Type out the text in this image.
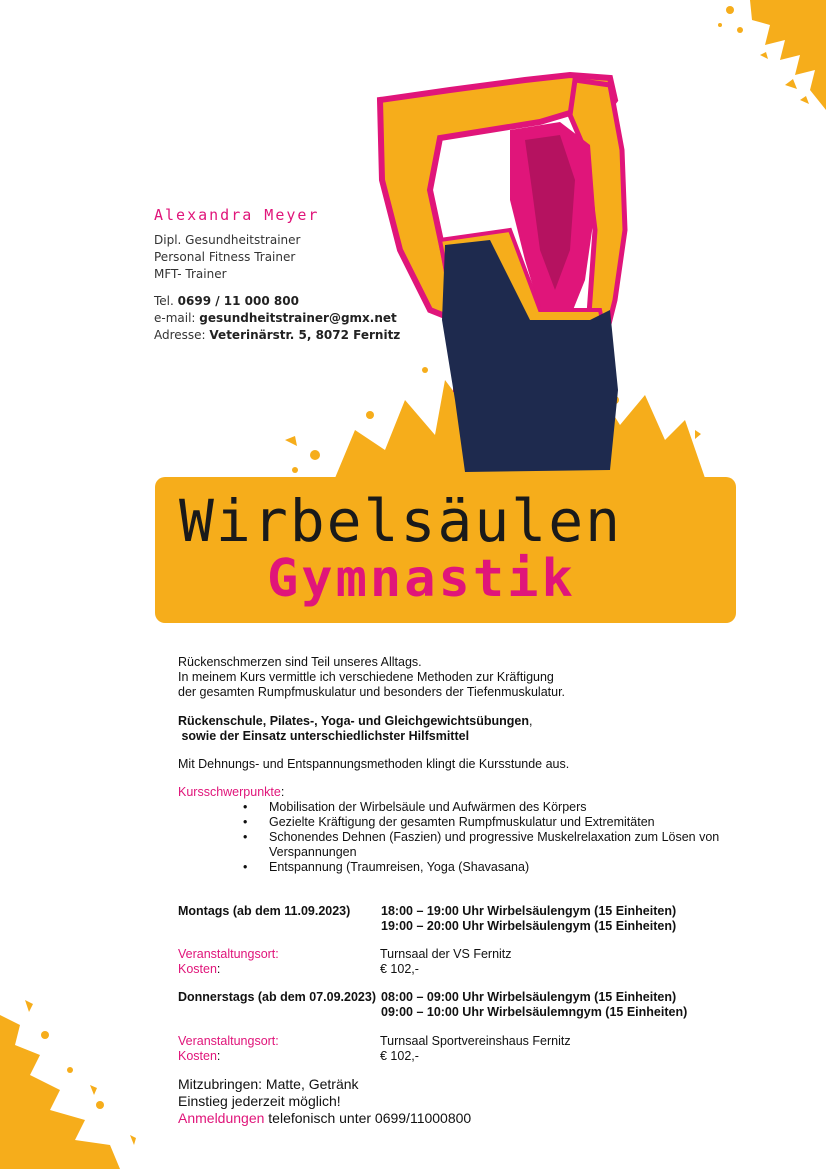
Alexandra Meyer
Dipl. Gesundheitstrainer
Personal Fitness Trainer
MFT- Trainer
Tel. 0699 / 11 000 800
e-mail: gesundheitstrainer@gmx.net
Adresse: Veterinärstr. 5, 8072 Fernitz
Wirbelsäulen
Gymnastik
Rückenschmerzen sind Teil unseres Alltags.
In meinem Kurs vermittle ich verschiedene Methoden zur Kräftigung
der gesamten Rumpfmuskulatur und besonders der Tiefenmuskulatur.
Rückenschule, Pilates-, Yoga- und Gleichgewichtsübungen,
sowie der Einsatz unterschiedlichster Hilfsmittel
Mit Dehnungs- und Entspannungsmethoden klingt die Kursstunde aus.
Kursschwerpunkte:
• Mobilisation der Wirbelsäule und Aufwärmen des Körpers
• Gezielte Kräftigung der gesamten Rumpfmuskulatur und Extremitäten
• Schonendes Dehnen (Faszien) und progressive Muskelrelaxation zum Lösen von Verspannungen
• Entspannung (Traumreisen, Yoga (Shavasana)
Montags (ab dem 11.09.2023) 18:00 – 19:00 Uhr Wirbelsäulengym (15 Einheiten)
19:00 – 20:00 Uhr Wirbelsäulengym (15 Einheiten)
Veranstaltungsort:
Kosten:
Turnsaal der VS Fernitz
€ 102,-
Donnerstags (ab dem 07.09.2023) 08:00 – 09:00 Uhr Wirbelsäulengym (15 Einheiten)
09:00 – 10:00 Uhr Wirbelsäulemngym (15 Einheiten)
Veranstaltungsort:
Kosten:
Turnsaal Sportvereinshaus Fernitz
€ 102,-
Mitzubringen: Matte, Getränk
Einstieg jederzeit möglich!
Anmeldungen telefonisch unter 0699/11000800
